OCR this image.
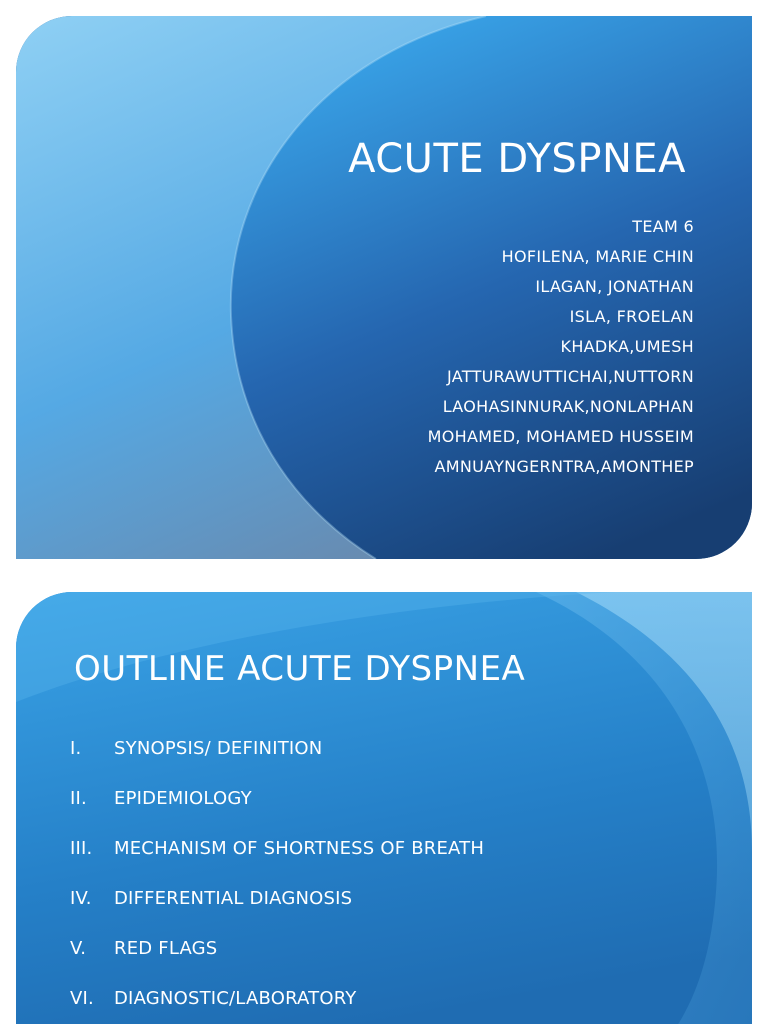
ACUTE DYSPNEA
TEAM 6
HOFILENA, MARIE CHIN
ILAGAN, JONATHAN
ISLA, FROELAN
KHADKA,UMESH
JATTURAWUTTICHAI,NUTTORN
LAOHASINNURAK,NONLAPHAN
MOHAMED, MOHAMED HUSSEIM
AMNUAYNGERNTRA,AMONTHEP
OUTLINE ACUTE DYSPNEA
I. SYNOPSIS/ DEFINITION
II. EPIDEMIOLOGY
III. MECHANISM OF SHORTNESS OF BREATH
IV. DIFFERENTIAL DIAGNOSIS
V. RED FLAGS
VI. DIAGNOSTIC/LABORATORY
